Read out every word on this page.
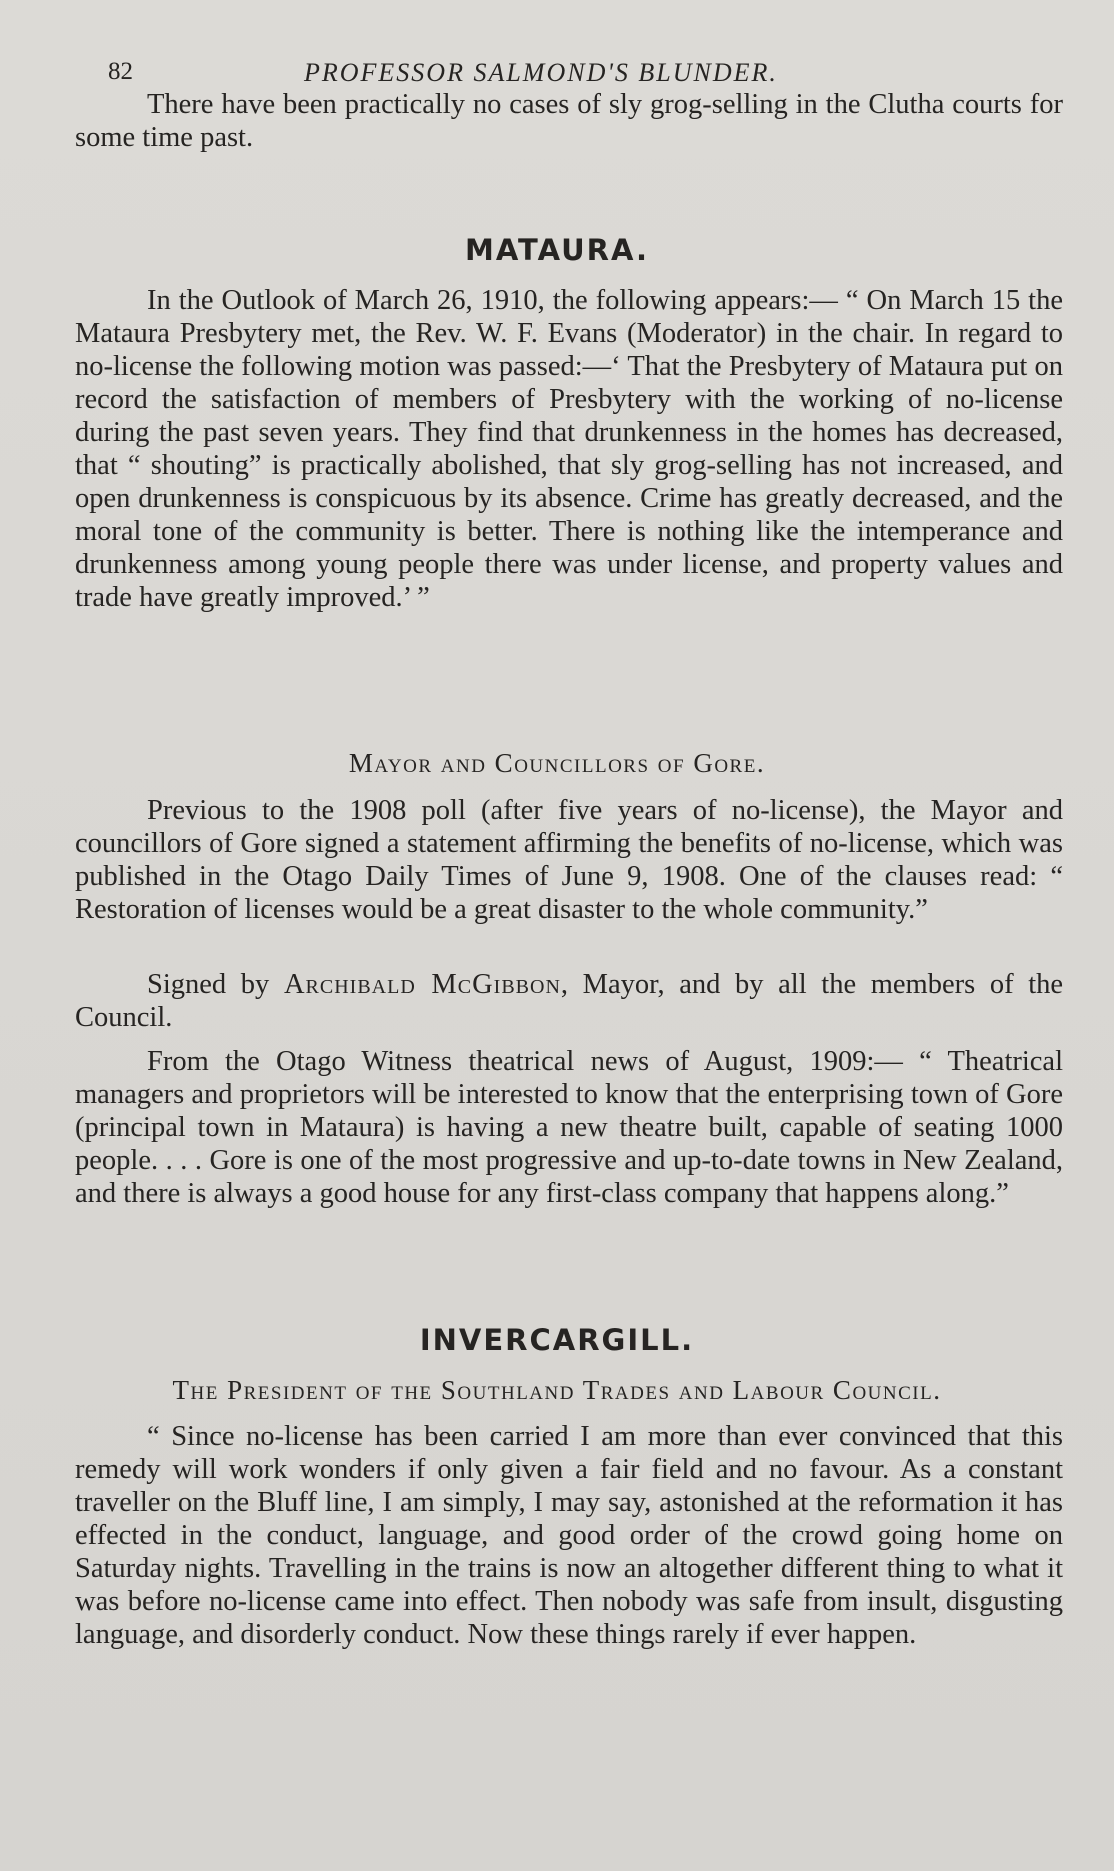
82	PROFESSOR SALMOND'S BLUNDER.

There have been practically no cases of sly grog-selling in the Clutha courts for some time past.

MATAURA.

In the Outlook of March 26, 1910, the following appears:— “ On March 15 the Mataura Presbytery met, the Rev. W. F. Evans (Moderator) in the chair. In regard to no-license the following motion was passed:—‘ That the Presbytery of Mataura put on record the satisfaction of members of Presbytery with the working of no-license during the past seven years. They find that drunkenness in the homes has decreased, that “ shouting” is practically abolished, that sly grog-selling has not increased, and open drunkenness is conspicuous by its absence. Crime has greatly decreased, and the moral tone of the community is better. There is nothing like the intemperance and drunkenness among young people there was under license, and property values and trade have greatly improved.’ ”

Mayor and Councillors of Gore.

Previous to the 1908 poll (after five years of no-license), the Mayor and councillors of Gore signed a statement affirming the benefits of no-license, which was published in the Otago Daily Times of June 9, 1908. One of the clauses read: “ Restoration of licenses would be a great disaster to the whole community.”

Signed by Archibald McGibbon, Mayor, and by all the members of the Council.

From the Otago Witness theatrical news of August, 1909:— “ Theatrical managers and proprietors will be interested to know that the enterprising town of Gore (principal town in Mataura) is having a new theatre built, capable of seating 1000 people. . . . Gore is one of the most progressive and up-to-date towns in New Zealand, and there is always a good house for any first-class company that happens along.”

INVERCARGILL.
The President of the Southland Trades and Labour Council.

“ Since no-license has been carried I am more than ever convinced that this remedy will work wonders if only given a fair field and no favour. As a constant traveller on the Bluff line, I am simply, I may say, astonished at the reformation it has effected in the conduct, language, and good order of the crowd going home on Saturday nights. Travelling in the trains is now an altogether different thing to what it was before no-license came into effect. Then nobody was safe from insult, disgusting language, and disorderly conduct. Now these things rarely if ever happen.
